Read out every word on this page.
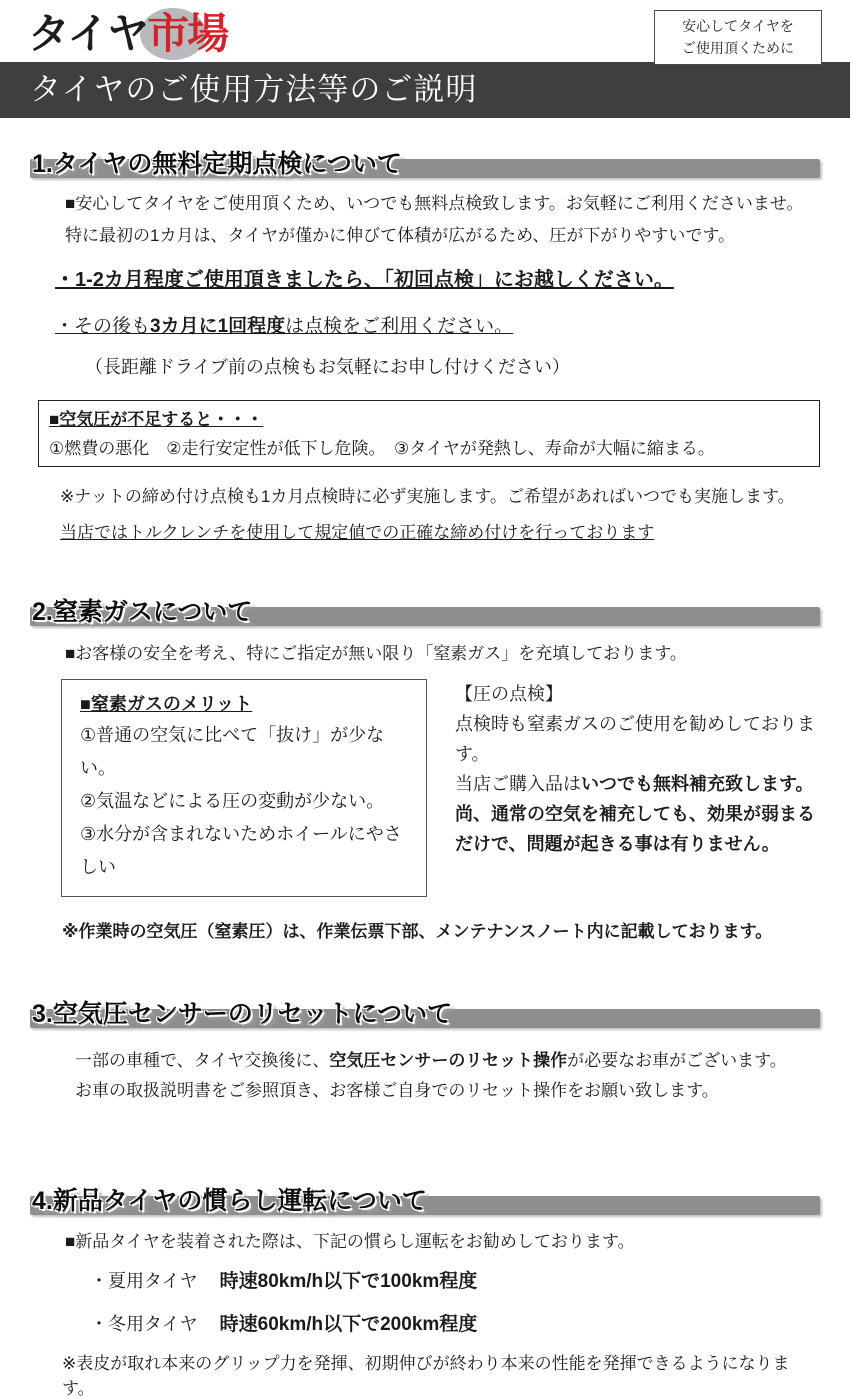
タイヤ市場	安心してタイヤを
ご使用頂くために
タイヤのご使用方法等のご説明
1.タイヤの無料定期点検について
■安心してタイヤをご使用頂くため、いつでも無料点検致します。お気軽にご利用くださいませ。
特に最初の1カ月は、タイヤが僅かに伸びて体積が広がるため、圧が下がりやすいです。
・1-2カ月程度ご使用頂きましたら、「初回点検」にお越しください。
・その後も3カ月に1回程度は点検をご利用ください。
（長距離ドライブ前の点検もお気軽にお申し付けください）
■空気圧が不足すると・・・
①燃費の悪化　②走行安定性が低下し危険。　③タイヤが発熱し、寿命が大幅に縮まる。
※ナットの締め付け点検も1カ月点検時に必ず実施します。ご希望があればいつでも実施します。
当店ではトルクレンチを使用して規定値での正確な締め付けを行っております
2.窒素ガスについて
■お客様の安全を考え、特にご指定が無い限り「窒素ガス」を充填しております。
■窒素ガスのメリット
①普通の空気に比べて「抜け」が少ない。
②気温などによる圧の変動が少ない。
③水分が含まれないためホイールにやさしい
【圧の点検】
点検時も窒素ガスのご使用を勧めしております。
当店ご購入品はいつでも無料補充致します。
尚、通常の空気を補充しても、効果が弱まるだけで、問題が起きる事は有りません。
※作業時の空気圧（窒素圧）は、作業伝票下部、メンテナンスノート内に記載しております。
3.空気圧センサーのリセットについて
一部の車種で、タイヤ交換後に、空気圧センサーのリセット操作が必要なお車がございます。
お車の取扱説明書をご参照頂き、お客様ご自身でのリセット操作をお願い致します。
4.新品タイヤの慣らし運転について
■新品タイヤを装着された際は、下記の慣らし運転をお勧めしております。
・夏用タイヤ 時速80km/h以下で100km程度
・冬用タイヤ 時速60km/h以下で200km程度
※表皮が取れ本来のグリップ力を発揮、初期伸びが終わり本来の性能を発揮できるようになります。
